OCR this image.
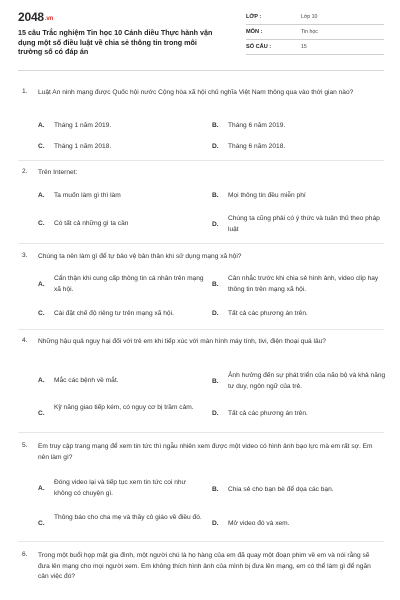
2048.vn
15 câu Trắc nghiệm Tin học 10 Cánh diều Thực hành vận dụng một số điều luật về chia sẻ thông tin trong môi trường số có đáp án
LỚP :	Lớp 10
MÔN :	Tin học
SỐ CÂU :	15
1. Luật An ninh mạng được Quốc hội nước Cộng hòa xã hội chủ nghĩa Việt Nam thông qua vào thời gian nào?
A. Tháng 1 năm 2019.	B. Tháng 6 năm 2019.
C. Tháng 1 năm 2018.	D. Tháng 6 năm 2018.
2. Trên Internet:
A. Ta muốn làm gì thì làm	B. Mọi thông tin đều miễn phí
C. Có tất cả những gì ta cần	D.
Chúng ta cũng phải có ý thức và tuân thủ theo pháp luật
3. Chúng ta nên làm gì để tự bảo vệ bản thân khi sử dụng mạng xã hội?
A.
Cẩn thận khi cung cấp thông tin cá nhân trên mạng xã hội.
B.
Cân nhắc trước khi chia sẻ hình ảnh, video clip hay thông tin trên mạng xã hội.
C. Cài đặt chế độ riêng tư trên mạng xã hội.	D. Tất cả các phương án trên.
4. Những hậu quả nguy hại đối với trẻ em khi tiếp xúc với màn hình máy tính, tivi, điện thoại quá lâu?
A. Mắc các bệnh về mắt.	B.
Ảnh hưởng đến sự phát triển của não bộ và khả năng tư duy, ngôn ngữ của trẻ.
C.
Kỹ năng giao tiếp kém, có nguy cơ bị trầm cảm.
D. Tất cả các phương án trên.
5. Em truy cập trang mạng để xem tin tức thì ngẫu nhiên xem được một video có hình ảnh bạo lực mà em rất sợ. Em nên làm gì?
A.
Đóng video lại và tiếp tục xem tin tức coi như không có chuyện gì.	B. Chia sẻ cho bạn bè để dọa các bạn.
C.
Thông báo cho cha mẹ và thầy cô giáo về điều đó.
D. Mở video đó và xem.
6. Trong một buổi họp mặt gia đình, một người chú là họ hàng của em đã quay một đoạn phim về em và nói rằng sẽ đưa lên mạng cho mọi người xem. Em không thích hình ảnh của mình bị đưa lên mạng, em có thể làm gì để ngăn cản việc đó?
